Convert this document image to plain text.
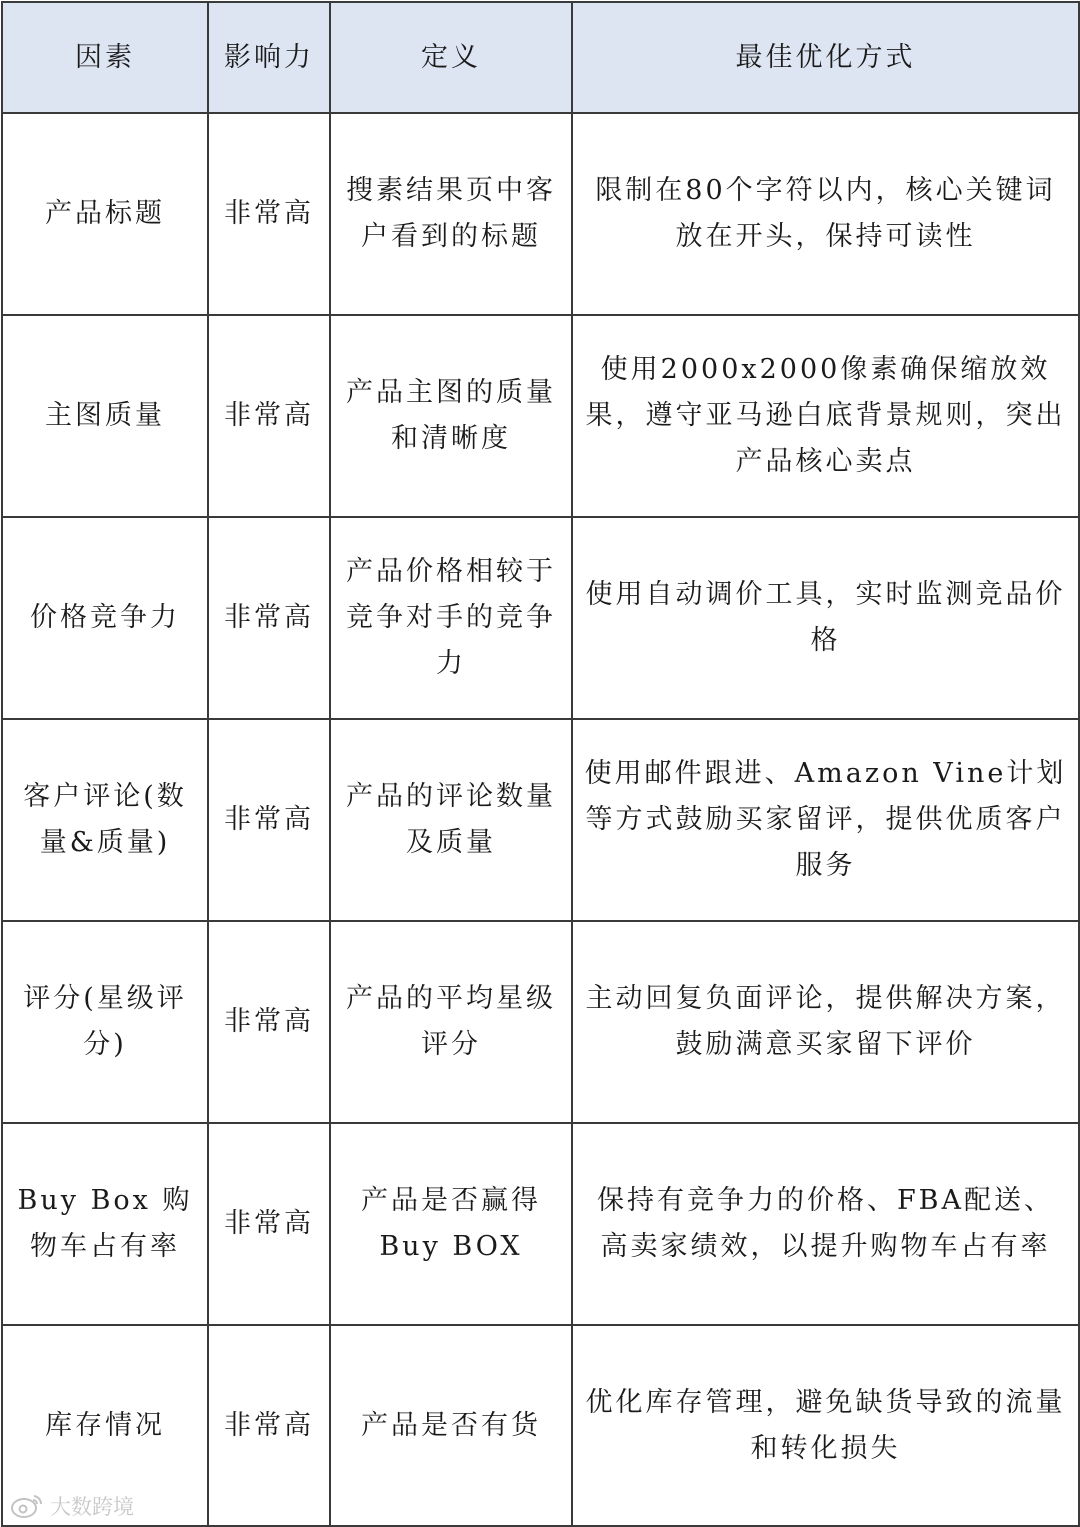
因素	影响力	定义	最佳优化方式
产品标题	非常高	搜素结果页中客户看到的标题	限制在80个字符以内，核心关键词放在开头，保持可读性
主图质量	非常高	产品主图的质量和清晰度	使用2000x2000像素确保缩放效果，遵守亚马逊白底背景规则，突出产品核心卖点
价格竞争力	非常高	产品价格相较于竞争对手的竞争力	使用自动调价工具，实时监测竞品价格
客户评论(数量&质量)	非常高	产品的评论数量及质量	使用邮件跟进、Amazon Vine计划等方式鼓励买家留评，提供优质客户服务
评分(星级评分)	非常高	产品的平均星级评分	主动回复负面评论，提供解决方案，鼓励满意买家留下评价
Buy Box 购物车占有率	非常高	产品是否赢得Buy BOX	保持有竞争力的价格、FBA配送、高卖家绩效，以提升购物车占有率
库存情况	非常高	产品是否有货	优化库存管理，避免缺货导致的流量和转化损失
大数跨境
